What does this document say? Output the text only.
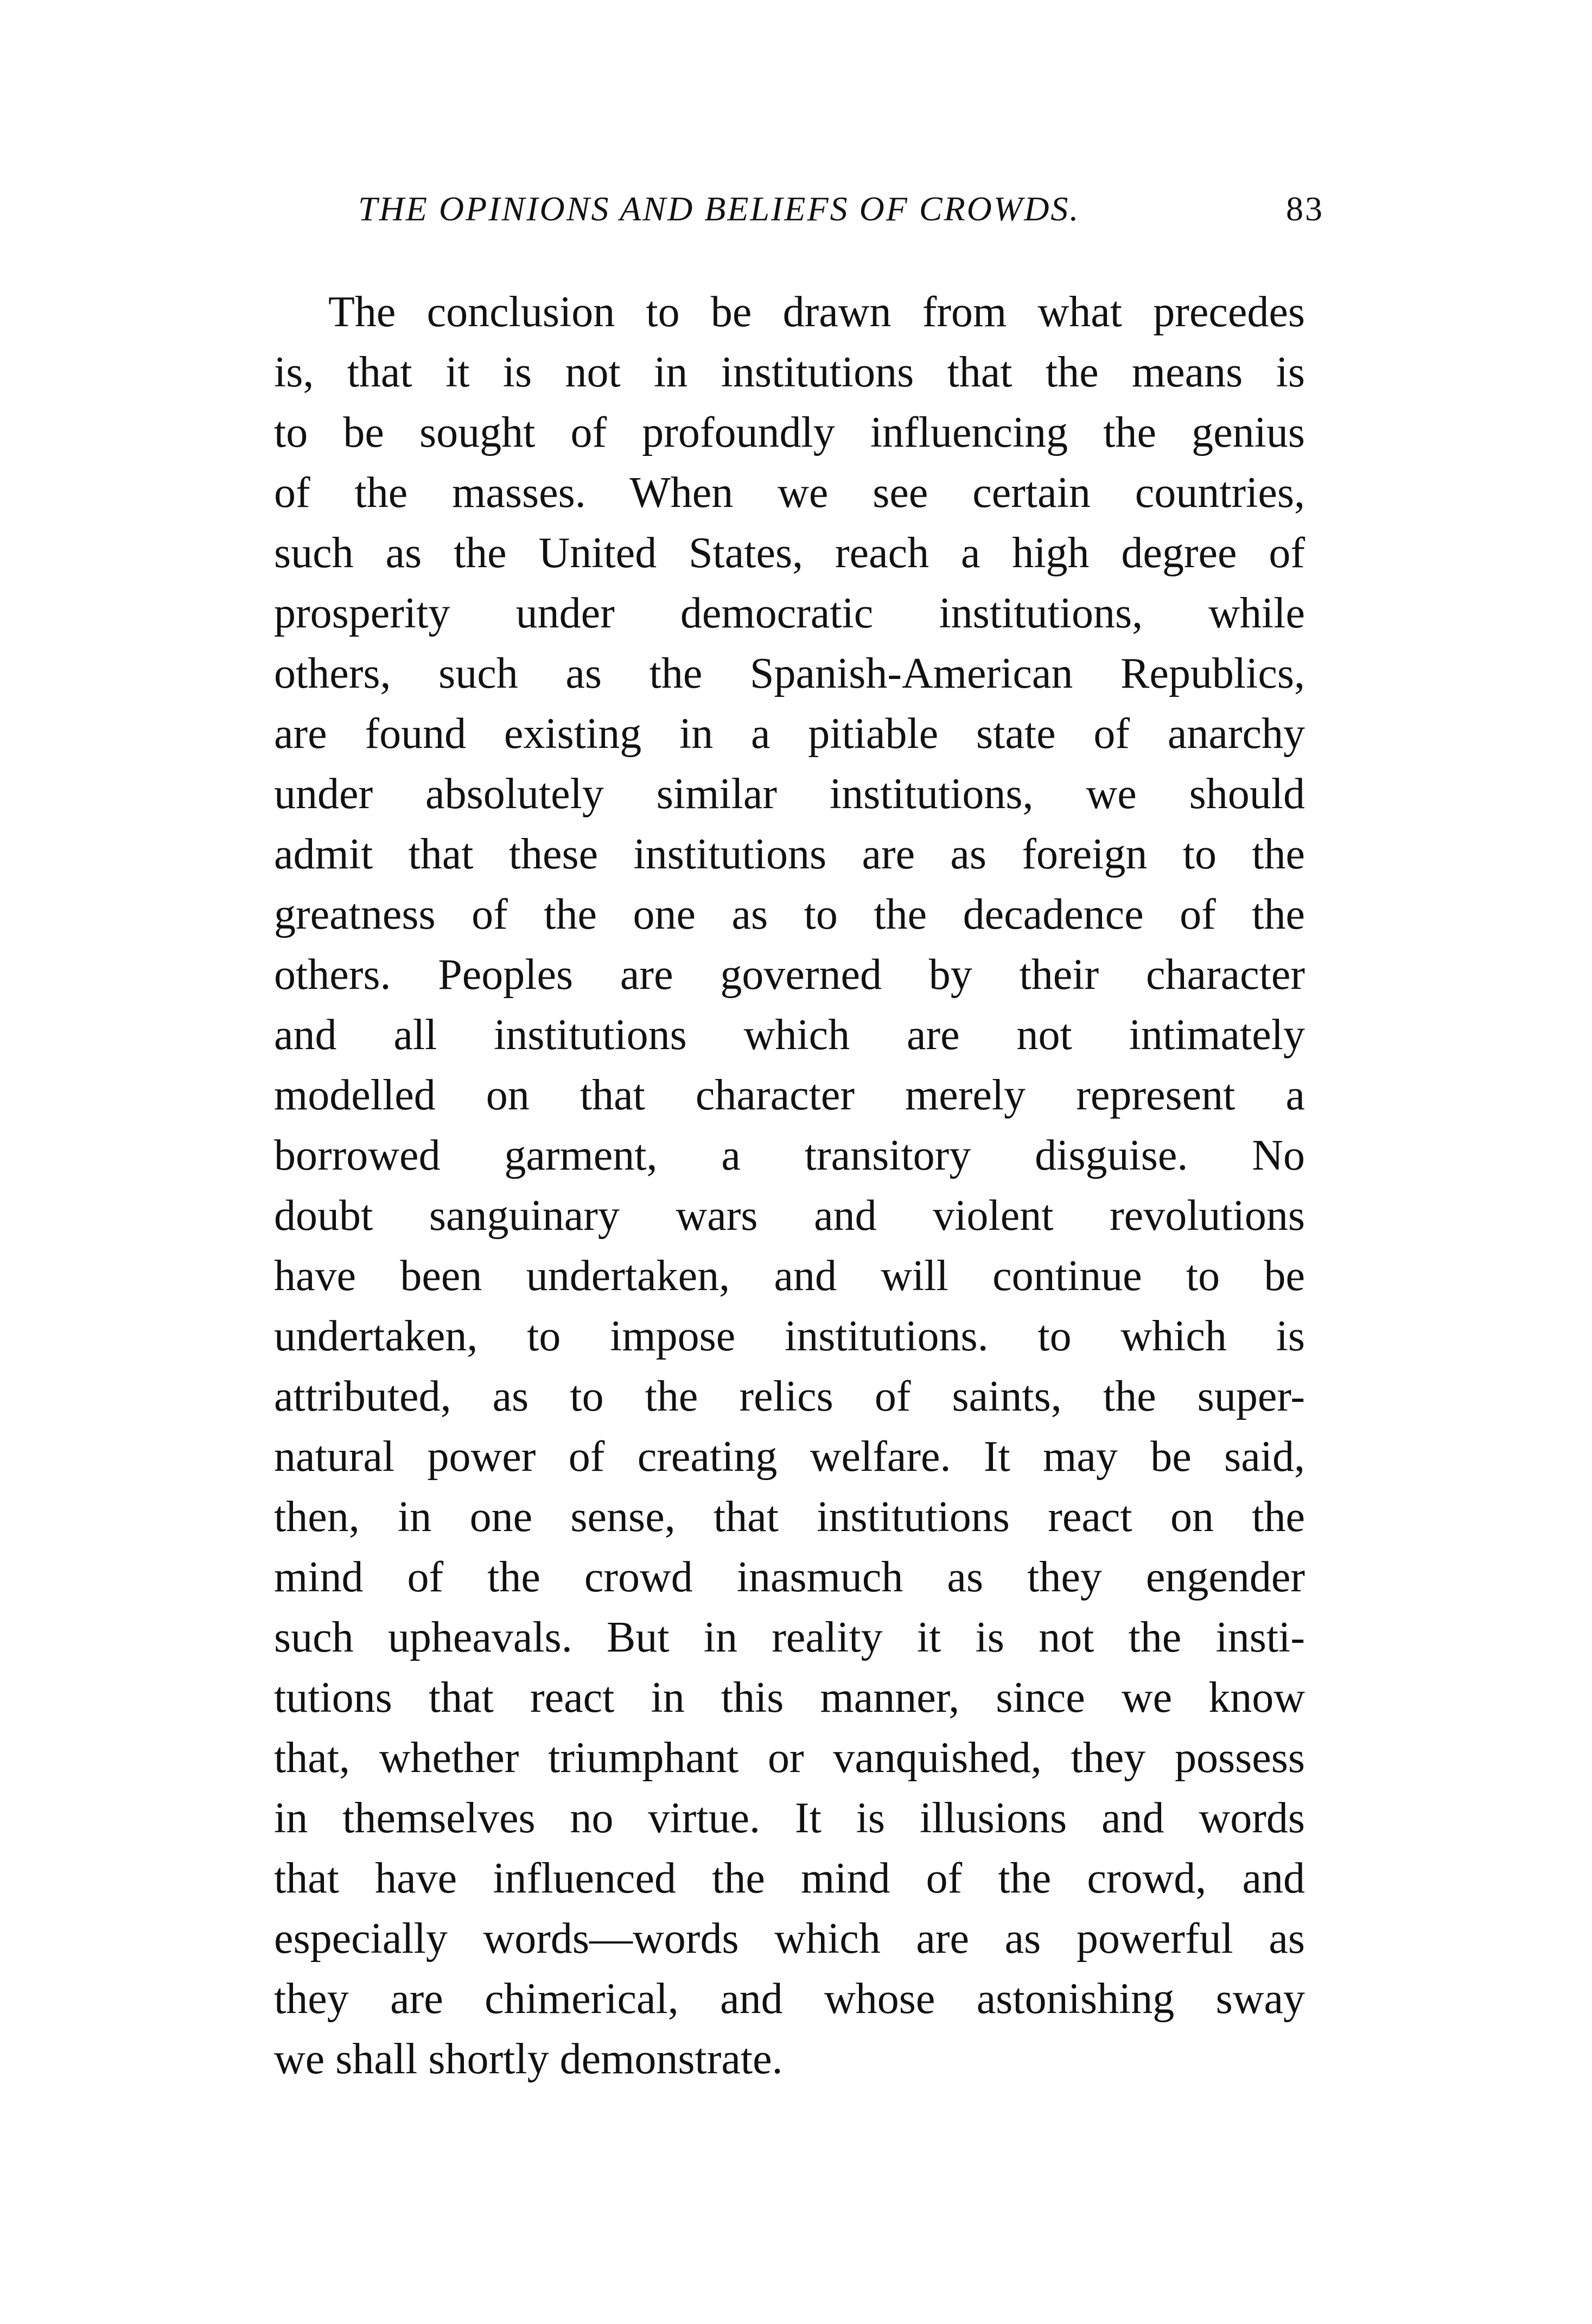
THE OPINIONS AND BELIEFS OF CROWDS.	83
The conclusion to be drawn from what precedes
is, that it is not in institutions that the means is
to be sought of profoundly influencing the genius
of the masses. When we see certain countries,
such as the United States, reach a high degree of
prosperity under democratic institutions, while
others, such as the Spanish-American Republics,
are found existing in a pitiable state of anarchy
under absolutely similar institutions, we should
admit that these institutions are as foreign to the
greatness of the one as to the decadence of the
others. Peoples are governed by their character
and all institutions which are not intimately
modelled on that character merely represent a
borrowed garment, a transitory disguise. No
doubt sanguinary wars and violent revolutions
have been undertaken, and will continue to be
undertaken, to impose institutions. to which is
attributed, as to the relics of saints, the super-
natural power of creating welfare. It may be said,
then, in one sense, that institutions react on the
mind of the crowd inasmuch as they engender
such upheavals. But in reality it is not the insti-
tutions that react in this manner, since we know
that, whether triumphant or vanquished, they possess
in themselves no virtue. It is illusions and words
that have influenced the mind of the crowd, and
especially words—words which are as powerful as
they are chimerical, and whose astonishing sway
we shall shortly demonstrate.
